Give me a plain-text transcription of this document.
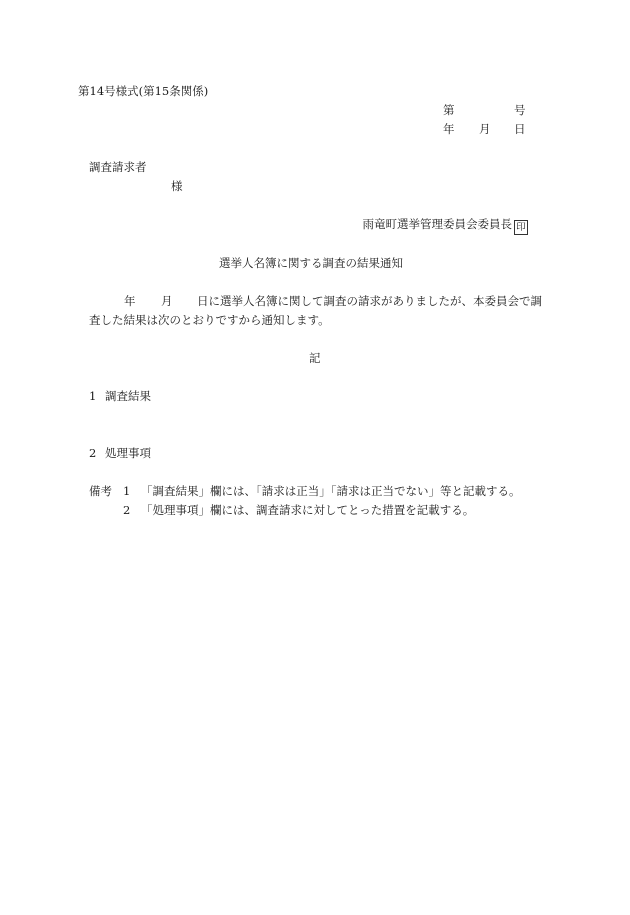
第14号様式(第15条関係)
第	号
年 月 日
調査請求者
様
雨竜町選挙管理委員会委員長 印
選挙人名簿に関する調査の結果通知
年 月 日に選挙人名簿に関して調査の請求がありましたが、本委員会で調
査した結果は次のとおりですから通知します。
記
1 調査結果
2 処理事項
備考 1 「調査結果」欄には、「請求は正当」「請求は正当でない」等と記載する。
2 「処理事項」欄には、調査請求に対してとった措置を記載する。
